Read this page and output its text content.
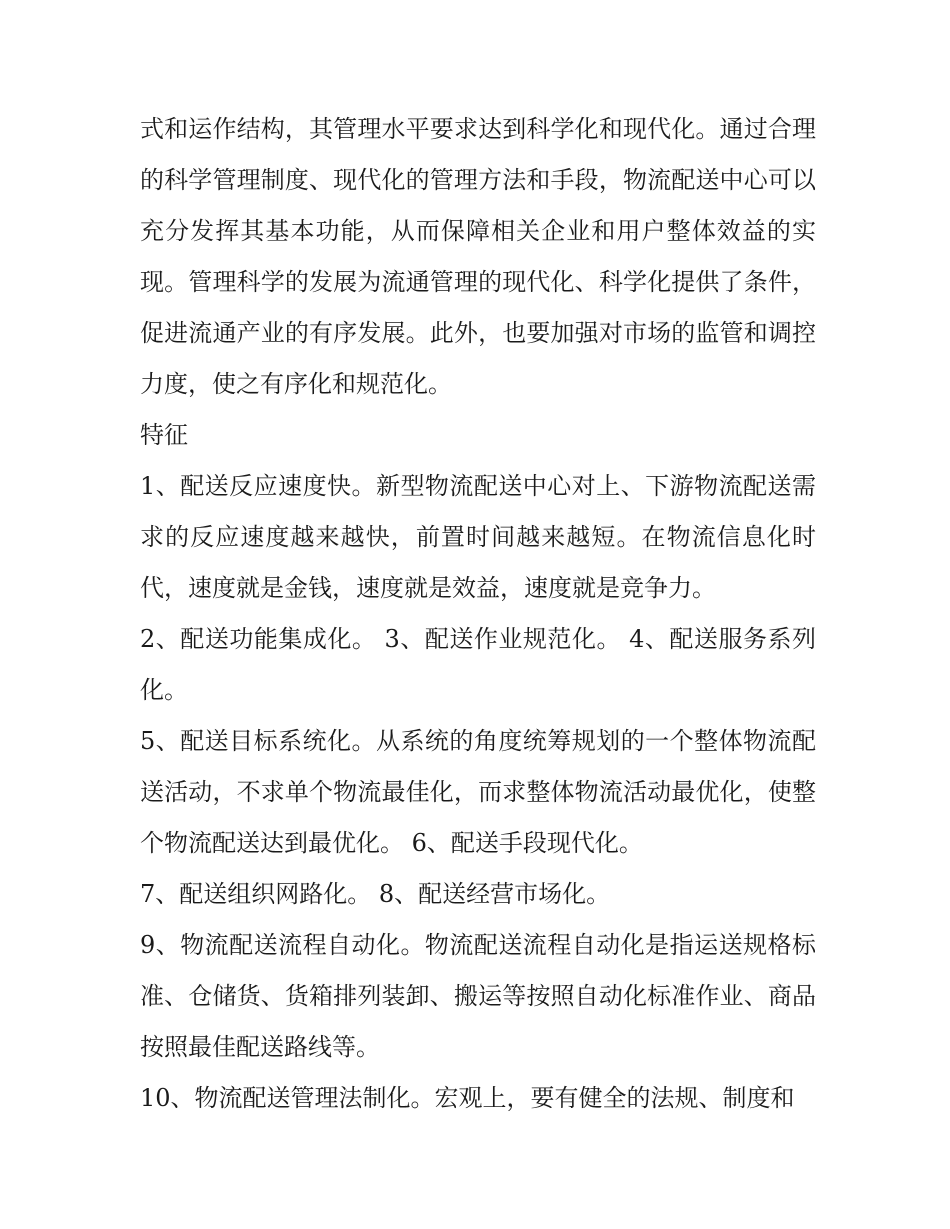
式和运作结构，其管理水平要求达到科学化和现代化。通过合理的科学管理制度、现代化的管理方法和手段，物流配送中心可以充分发挥其基本功能，从而保障相关企业和用户整体效益的实现。管理科学的发展为流通管理的现代化、科学化提供了条件，促进流通产业的有序发展。此外，也要加强对市场的监管和调控力度，使之有序化和规范化。

特征

1、配送反应速度快。新型物流配送中心对上、下游物流配送需求的反应速度越来越快，前置时间越来越短。在物流信息化时代，速度就是金钱，速度就是效益，速度就是竞争力。

2、配送功能集成化。 3、配送作业规范化。 4、配送服务系列化。

5、配送目标系统化。从系统的角度统筹规划的一个整体物流配送活动，不求单个物流最佳化，而求整体物流活动最优化，使整个物流配送达到最优化。 6、配送手段现代化。

7、配送组织网路化。 8、配送经营市场化。

9、物流配送流程自动化。物流配送流程自动化是指运送规格标准、仓储货、货箱排列装卸、搬运等按照自动化标准作业、商品按照最佳配送路线等。

10、物流配送管理法制化。宏观上，要有健全的法规、制度和
